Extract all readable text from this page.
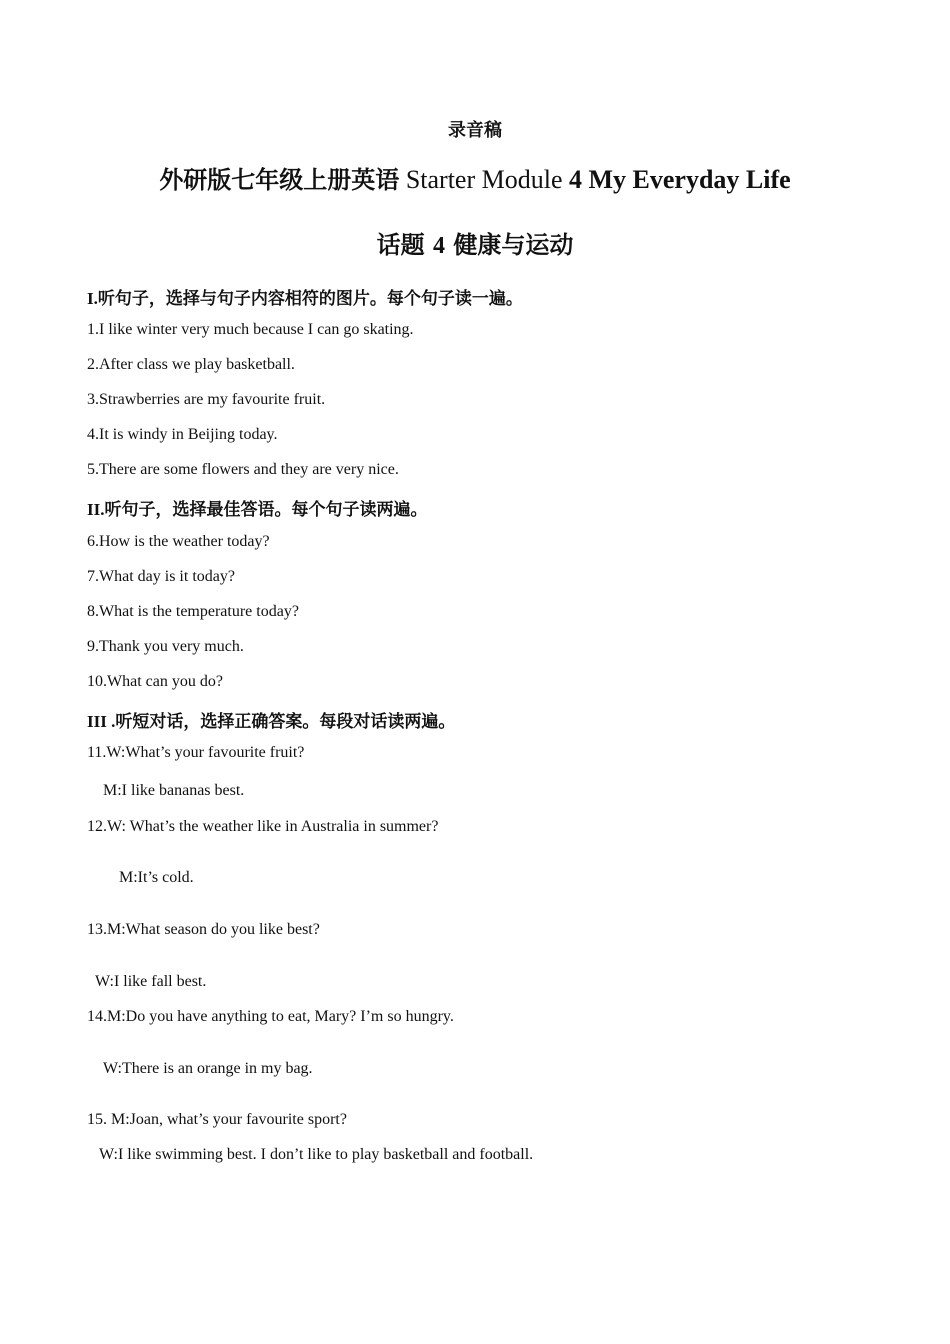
录音稿
外研版七年级上册英语 Starter Module 4 My Everyday Life
话题 4 健康与运动
I.听句子，选择与句子内容相符的图片。每个句子读一遍。
1.I like winter very much because I can go skating.
2.After class we play basketball.
3.Strawberries are my favourite fruit.
4.It is windy in Beijing today.
5.There are some flowers and they are very nice.
II.听句子，选择最佳答语。每个句子读两遍。
6.How is the weather today?
7.What day is it today?
8.What is the temperature today?
9.Thank you very much.
10.What can you do?
III .听短对话，选择正确答案。每段对话读两遍。
11.W:What’s your favourite fruit?
M:I like bananas best.
12.W: What’s the weather like in Australia in summer?
M:It’s cold.
13.M:What season do you like best?
W:I like fall best.
14.M:Do you have anything to eat, Mary? I’m so hungry.
W:There is an orange in my bag.
15. M:Joan, what’s your favourite sport?
W:I like swimming best. I don’t like to play basketball and football.
